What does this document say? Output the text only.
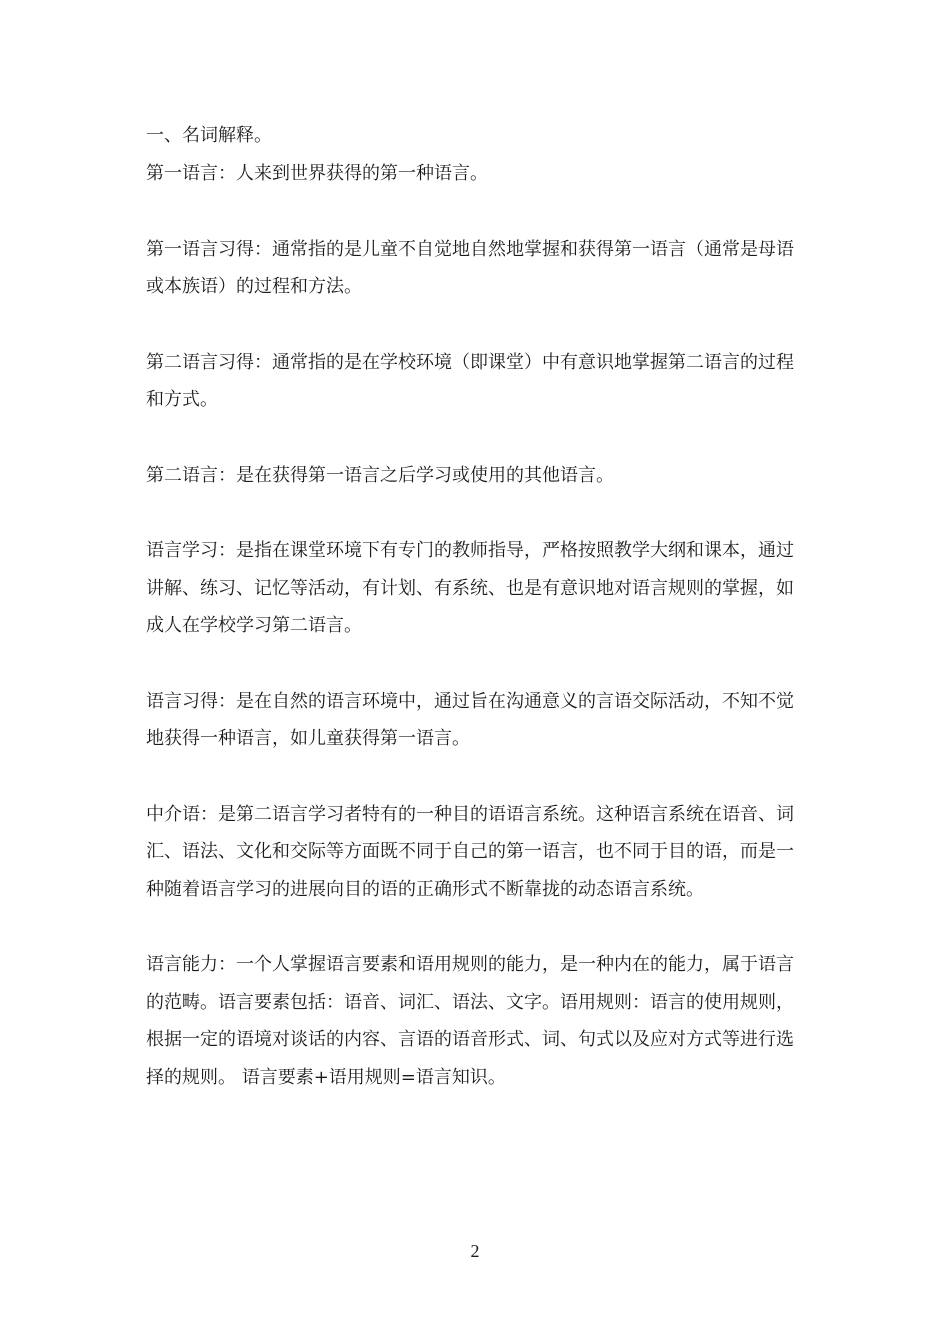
一、名词解释。

第一语言：人来到世界获得的第一种语言。

第一语言习得：通常指的是儿童不自觉地自然地掌握和获得第一语言（通常是母语或本族语）的过程和方法。

第二语言习得：通常指的是在学校环境（即课堂）中有意识地掌握第二语言的过程和方式。

第二语言：是在获得第一语言之后学习或使用的其他语言。

语言学习：是指在课堂环境下有专门的教师指导，严格按照教学大纲和课本，通过讲解、练习、记忆等活动，有计划、有系统、也是有意识地对语言规则的掌握，如成人在学校学习第二语言。

语言习得：是在自然的语言环境中，通过旨在沟通意义的言语交际活动，不知不觉地获得一种语言，如儿童获得第一语言。

中介语：是第二语言学习者特有的一种目的语语言系统。这种语言系统在语音、词汇、语法、文化和交际等方面既不同于自己的第一语言，也不同于目的语，而是一种随着语言学习的进展向目的语的正确形式不断靠拢的动态语言系统。

语言能力：一个人掌握语言要素和语用规则的能力，是一种内在的能力，属于语言的范畴。语言要素包括：语音、词汇、语法、文字。语用规则：语言的使用规则，根据一定的语境对谈话的内容、言语的语音形式、词、句式以及应对方式等进行选择的规则。 语言要素+语用规则=语言知识。

2
